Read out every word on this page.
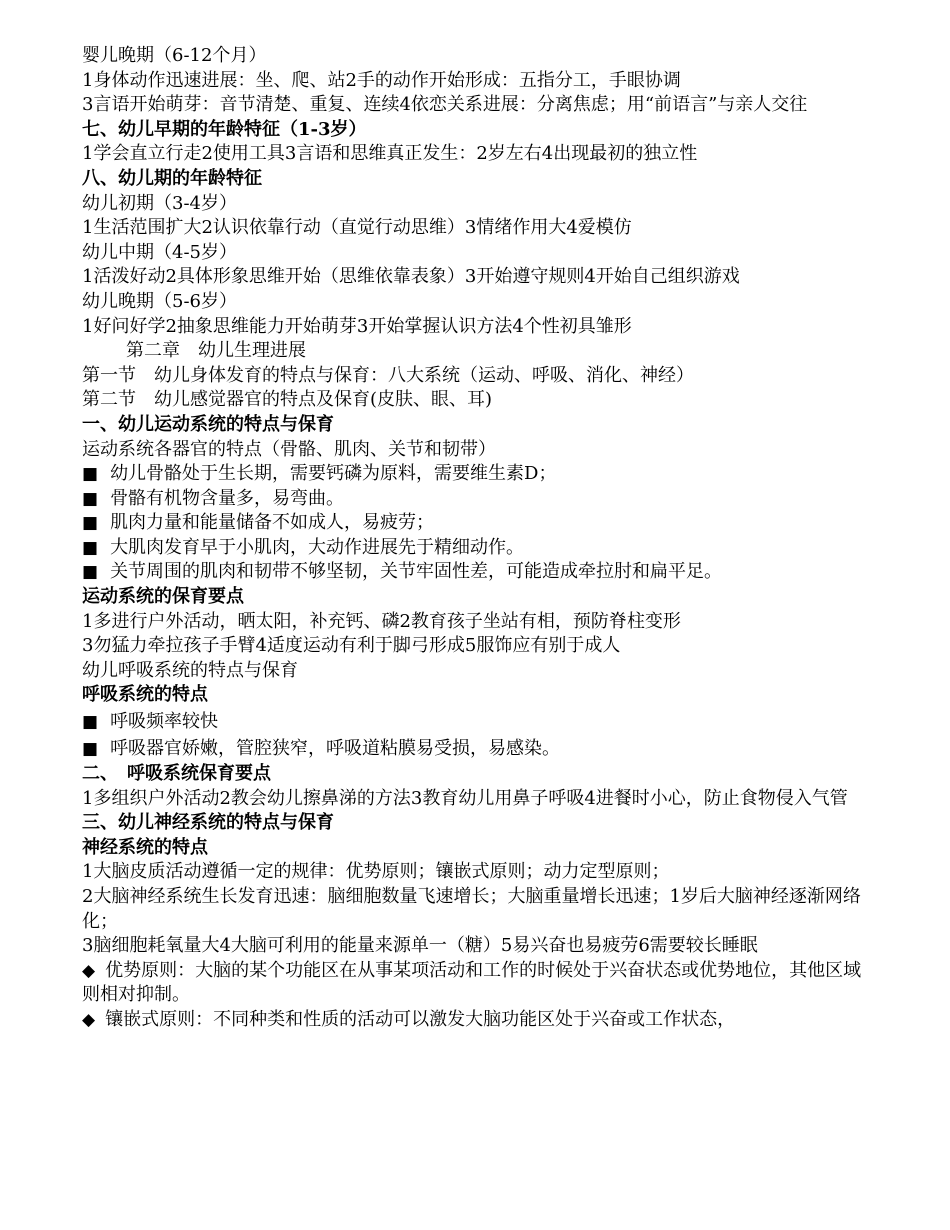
婴儿晚期（6-12个月）
1身体动作迅速进展：坐、爬、站2手的动作开始形成：五指分工，手眼协调
3言语开始萌芽：音节清楚、重复、连续4依恋关系进展：分离焦虑；用“前语言”与亲人交往
七、幼儿早期的年龄特征（1-3岁）
1学会直立行走2使用工具3言语和思维真正发生：2岁左右4出现最初的独立性
八、幼儿期的年龄特征
幼儿初期（3-4岁）
1生活范围扩大2认识依靠行动（直觉行动思维）3情绪作用大4爱模仿
幼儿中期（4-5岁）
1活泼好动2具体形象思维开始（思维依靠表象）3开始遵守规则4开始自己组织游戏
幼儿晚期（5-6岁）
1好问好学2抽象思维能力开始萌芽3开始掌握认识方法4个性初具雏形
第二章　幼儿生理进展
第一节　幼儿身体发育的特点与保育：八大系统（运动、呼吸、消化、神经）
第二节　幼儿感觉器官的特点及保育(皮肤、眼、耳)
一、幼儿运动系统的特点与保育
运动系统各器官的特点（骨骼、肌肉、关节和韧带）
■ 幼儿骨骼处于生长期，需要钙磷为原料，需要维生素D；
■ 骨骼有机物含量多，易弯曲。
■ 肌肉力量和能量储备不如成人，易疲劳；
■ 大肌肉发育早于小肌肉，大动作进展先于精细动作。
■ 关节周围的肌肉和韧带不够坚韧，关节牢固性差，可能造成牵拉肘和扁平足。
运动系统的保育要点
1多进行户外活动，晒太阳，补充钙、磷2教育孩子坐站有相，预防脊柱变形
3勿猛力牵拉孩子手臂4适度运动有利于脚弓形成5服饰应有别于成人
幼儿呼吸系统的特点与保育
呼吸系统的特点
■ 呼吸频率较快
■ 呼吸器官娇嫩，管腔狭窄，呼吸道粘膜易受损，易感染。
二、　呼吸系统保育要点
1多组织户外活动2教会幼儿擦鼻涕的方法3教育幼儿用鼻子呼吸4进餐时小心，防止食物侵入气管
三、幼儿神经系统的特点与保育
神经系统的特点
1大脑皮质活动遵循一定的规律：优势原则；镶嵌式原则；动力定型原则；
2大脑神经系统生长发育迅速：脑细胞数量飞速增长；大脑重量增长迅速；1岁后大脑神经逐渐网络化；
3脑细胞耗氧量大4大脑可利用的能量来源单一（糖）5易兴奋也易疲劳6需要较长睡眠
◆ 优势原则：大脑的某个功能区在从事某项活动和工作的时候处于兴奋状态或优势地位，其他区域则相对抑制。
◆ 镶嵌式原则：不同种类和性质的活动可以激发大脑功能区处于兴奋或工作状态，
